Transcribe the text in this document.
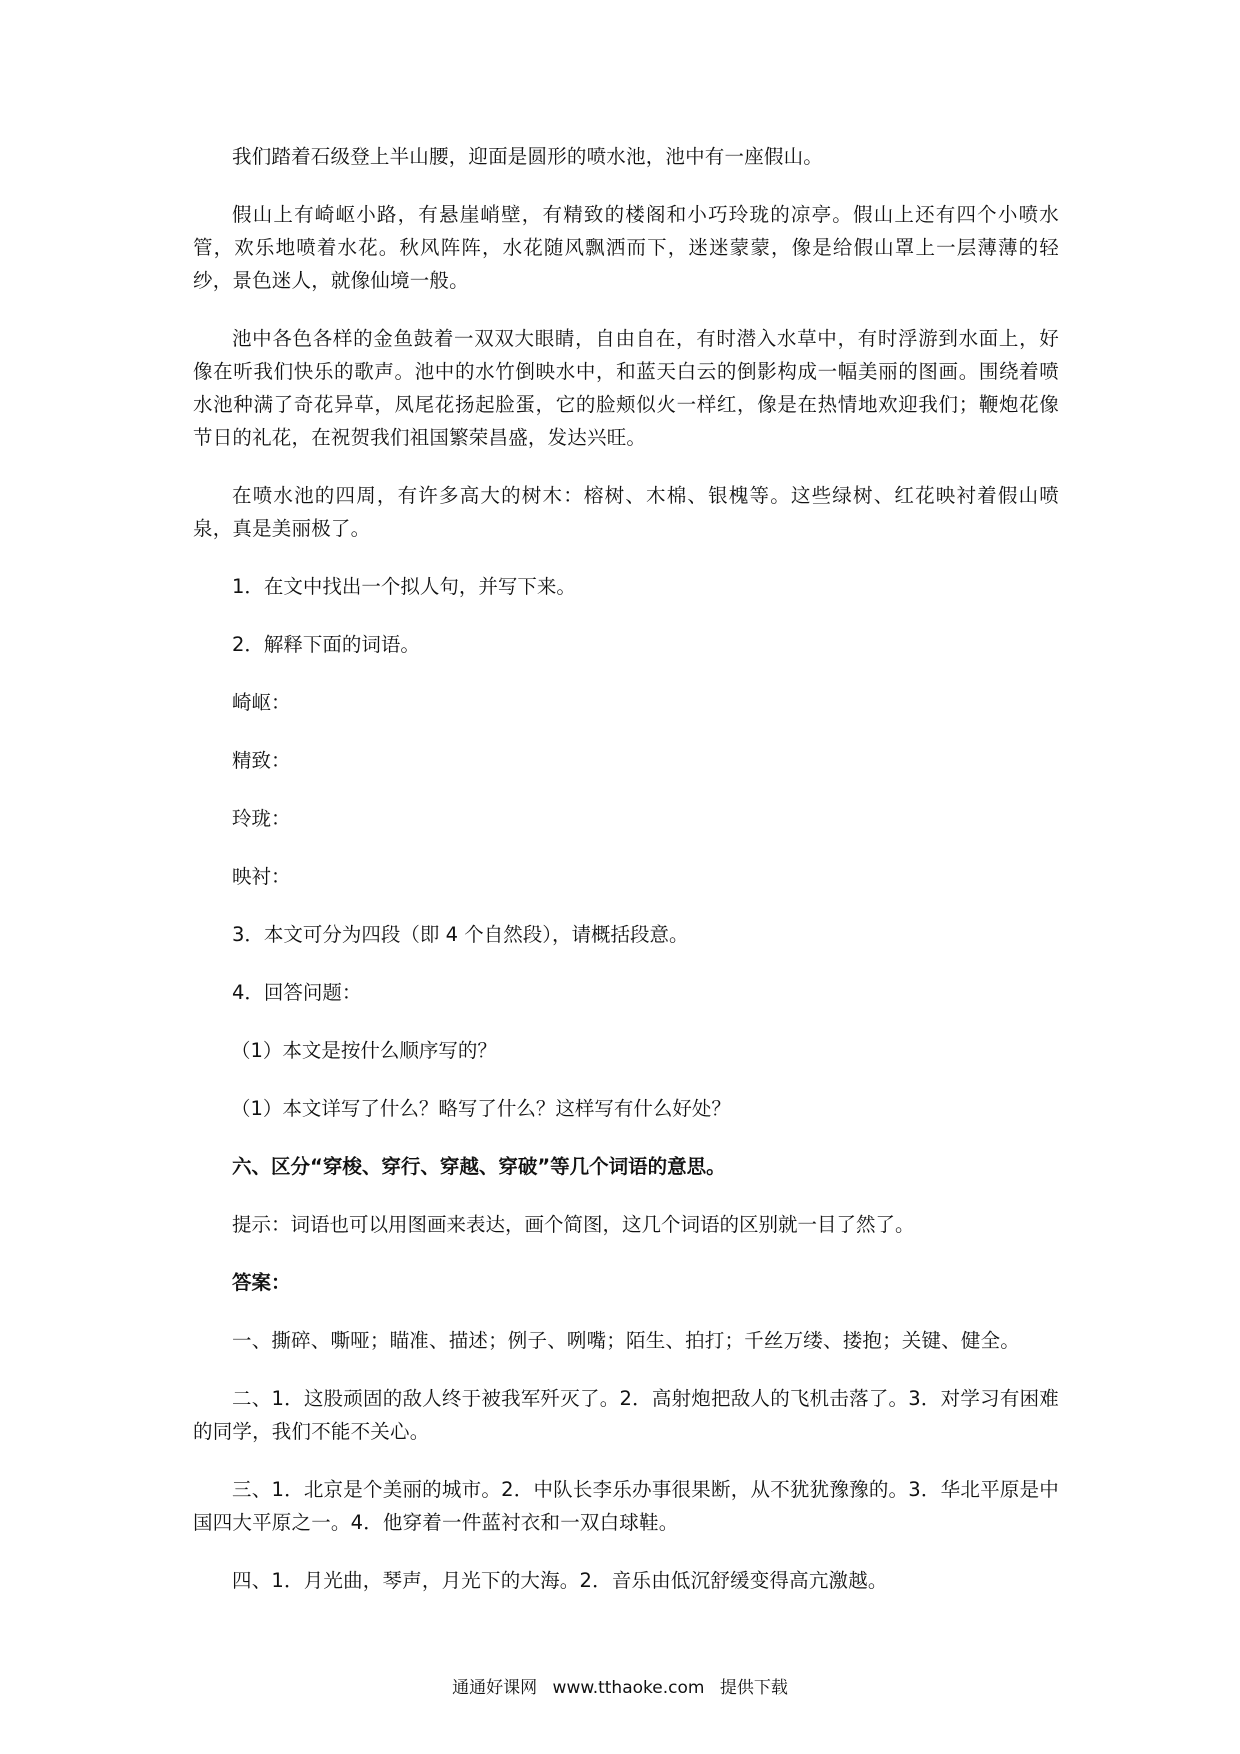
我们踏着石级登上半山腰，迎面是圆形的喷水池，池中有一座假山。

假山上有崎岖小路，有悬崖峭壁，有精致的楼阁和小巧玲珑的凉亭。假山上还有四个小喷水管，欢乐地喷着水花。秋风阵阵，水花随风飘洒而下，迷迷蒙蒙，像是给假山罩上一层薄薄的轻纱，景色迷人，就像仙境一般。

池中各色各样的金鱼鼓着一双双大眼睛，自由自在，有时潜入水草中，有时浮游到水面上，好像在听我们快乐的歌声。池中的水竹倒映水中，和蓝天白云的倒影构成一幅美丽的图画。围绕着喷水池种满了奇花异草，凤尾花扬起脸蛋，它的脸颊似火一样红，像是在热情地欢迎我们；鞭炮花像节日的礼花，在祝贺我们祖国繁荣昌盛，发达兴旺。

在喷水池的四周，有许多高大的树木：榕树、木棉、银槐等。这些绿树、红花映衬着假山喷泉，真是美丽极了。

1．在文中找出一个拟人句，并写下来。
2．解释下面的词语。
崎岖：
精致：
玲珑：
映衬：
3．本文可分为四段（即 4 个自然段），请概括段意。
4．回答问题：
（1）本文是按什么顺序写的？
（1）本文详写了什么？略写了什么？这样写有什么好处？
六、区分“穿梭、穿行、穿越、穿破”等几个词语的意思。
提示：词语也可以用图画来表达，画个简图，这几个词语的区别就一目了然了。
答案：

一、撕碎、嘶哑；瞄准、描述；例子、咧嘴；陌生、拍打；千丝万缕、搂抱；关键、健全。

二、1．这股顽固的敌人终于被我军歼灭了。2．高射炮把敌人的飞机击落了。3．对学习有困难的同学，我们不能不关心。

三、1．北京是个美丽的城市。2．中队长李乐办事很果断，从不犹犹豫豫的。3．华北平原是中国四大平原之一。4．他穿着一件蓝衬衣和一双白球鞋。

四、1．月光曲，琴声，月光下的大海。2．音乐由低沉舒缓变得高亢激越。

通通好课网 www.tthaoke.com 提供下载
